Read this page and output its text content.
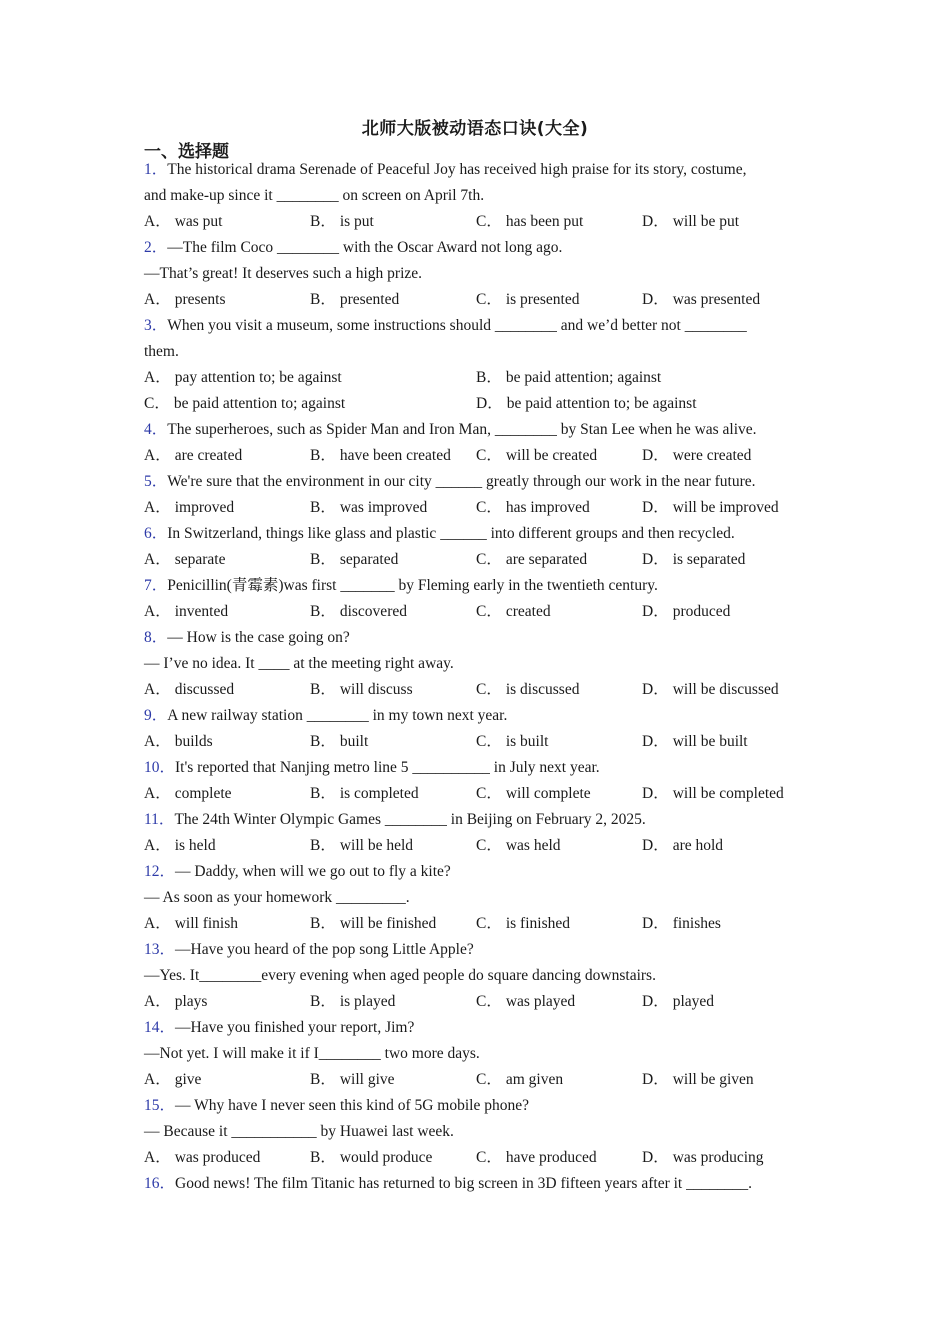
北师大版被动语态口诀(大全)
一、选择题
1．The historical drama Serenade of Peaceful Joy has received high praise for its story, costume,
and make-up since it ________ on screen on April 7th.
A． was put	B． is put	C． has been put	D． will be put
2．—The film Coco ________ with the Oscar Award not long ago.
—That’s great! It deserves such a high prize.
A． presents	B． presented	C． is presented	D． was presented
3．When you visit a museum, some instructions should ________ and we’d better not ________
them.
A． pay attention to; be against	B． be paid attention; against
C． be paid attention to; against	D． be paid attention to; be against
4．The superheroes, such as Spider Man and Iron Man, ________ by Stan Lee when he was alive.
A． are created	B． have been created	C． will be created	D． were created
5．We're sure that the environment in our city ______ greatly through our work in the near future.
A． improved	B． was improved	C． has improved	D． will be improved
6．In Switzerland, things like glass and plastic ______ into different groups and then recycled.
A． separate	B． separated	C． are separated	D． is separated
7．Penicillin(青霉素)was first _______ by Fleming early in the twentieth century.
A． invented	B． discovered	C． created	D． produced
8．— How is the case going on?
— I’ve no idea. It ____ at the meeting right away.
A． discussed	B． will discuss	C． is discussed	D． will be discussed
9．A new railway station ________ in my town next year.
A． builds	B． built	C． is built	D． will be built
10．It's reported that Nanjing metro line 5 __________ in July next year.
A． complete	B． is completed	C． will complete	D． will be completed
11．The 24th Winter Olympic Games ________ in Beijing on February 2, 2025.
A． is held	B． will be held	C． was held	D． are hold
12．— Daddy, when will we go out to fly a kite?
— As soon as your homework _________.
A． will finish	B． will be finished	C． is finished	D． finishes
13．—Have you heard of the pop song Little Apple?
—Yes. It________every evening when aged people do square dancing downstairs.
A． plays	B． is played	C． was played	D． played
14．—Have you finished your report, Jim?
—Not yet. I will make it if I________ two more days.
A． give	B． will give	C． am given	D． will be given
15．— Why have I never seen this kind of 5G mobile phone?
— Because it ___________ by Huawei last week.
A． was produced	B． would produce	C． have produced	D． was producing
16．Good news! The film Titanic has returned to big screen in 3D fifteen years after it ________.
